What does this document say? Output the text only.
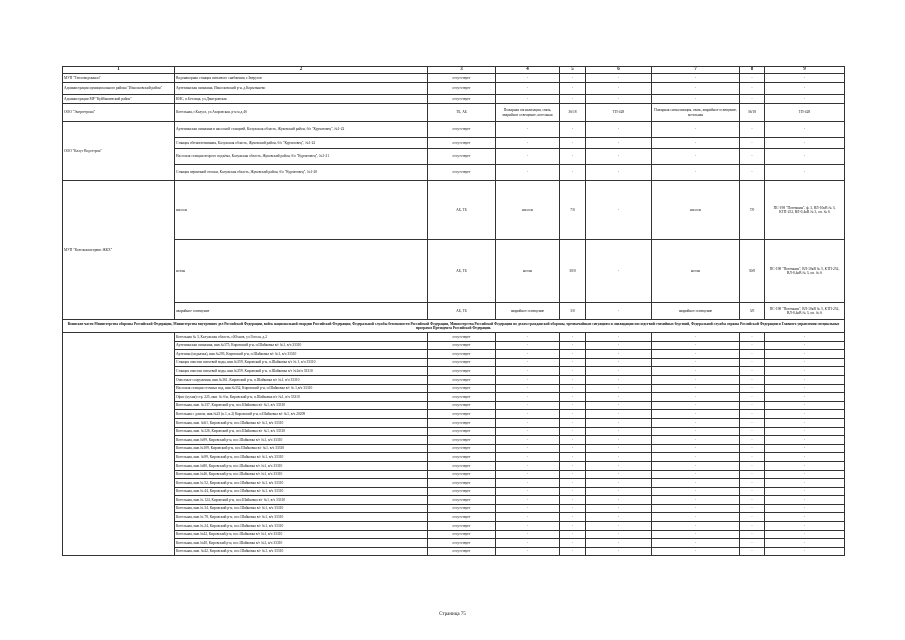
1	2	3	4	5	6	7	8	9
МУП "Тепловодоканал"	Водонапорная станция питьевого снабжения, г.Зверугов	отсутствует	-	-	-	-	-	-
Администрация муниципального района "Износковский район"	Артезианская скважина, Износковский р-н, д.Корытынево	отсутствует	-	-	-	-	-	-
Администрация МР "Куйбышевский район"	КНС, п.Бетлица, ул.Дмитровская	отсутствует	-	-	-	-	-	-
ООО "Энергетрона"	Котельная, г.Калуга, ул.Азаровская, р-н м.д.4б	ТБ, АБ	Пожарная сигнализация, связь, аварийное освещение, котельная	36/18	ТП-428	Пожарная сигнализация, связь, аварийное освещение, котельная	36/18	ТП-428
ООО "Калуг Водсетрон"	Артезианская скважина в насосной станцией, Калужская область, Жуковский район, б/о "Курчатовец", №1-22	отсутствует	-	-	-	-	-	-
	Станция обезжелезивания, Калужская область, Жуковский район, б/о "Курчатовец", №1-22	отсутствует	-	-	-	-	-	-
	Насосная станция второго подъёма, Калужская область, Жуковский район, б/о "Курчатовец", №1-21	отсутствует	-	-	-	-	-	-
	Станция первичной отопки, Калужская область, Жуковский район, б/о "Курчатовец", №1-20	отсутствует	-	-	-	-	-	-
МУП "Козельжилсервис ЖКХ"	насосы	АБ, ТБ	насосы	7/0	-	насосы	7/0	ПС-198 "Потемкин", ф. 3, ВЛ-10кВ № 3, КТП-252, ВЛ-0,4кВ № 3, оп. № 6
	котлы	АБ, ТБ	котлы	30/0	-	котлы	30/0	ПС-198 "Потемкин", ВЛ-10кВ № 5, КТП-252, ВЛ-0,4кВ № 3, оп. № 6
	аварийное освещение	АБ, ТБ	аварийное освещение	3/0	-	аварийное освещение	3/0	ПС-198 "Потемкин", ВЛ-10кВ № 5, КТП-252, ВЛ-0,4кВ № 3, оп. № 6
Воинские части Министерства обороны Российской Федерации, Министерства внутренних дел Российской Федерации, войск национальной гвардии Российской Федерации, Федеральной службы безопасности Российской Федерации, Министерства Российской Федерации по делам гражданской обороны, чрезвычайным ситуациям и ликвидации последствий стихийных бедствий, Федеральной службы охраны Российской Федерации и Главного управления специальных программ Президента Российской Федерации.								
	Котельная № 3, Калужская область, г.Юхнов, ул.Гоголя, д.2	отсутствует	-	-	-	-	-	-
	Артезианская скважина, инв.№375, Кировский р-н, п.Шайковка в/г №1, в/ч 33310	отсутствует	-	-	-	-	-	-
	Артезиан (подкачка), инв.№293, Кировский р-н, п.Шайковка в/г №1, в/ч 33310	отсутствует	-	-	-	-	-	-
	Станция очистки питьевой воды, инв.№359, Кировский р-н, п.Шайковка в/г № 1, в/ч 33310	отсутствует	-	-	-	-	-	-
	Станция очистки питьевой воды, инв.№359, Кировский р-н, п.Шайковка в/г №1в/ч 33310	отсутствует	-	-	-	-	-	-
	Очистные сооружения, инв.№361, Кировский р-н, п.Шайковка в/г №1, в/ч 33310	отсутствует	-	-	-	-	-	-
	Насосная станция сточных вод, инв.№332, Кировский р-н, п.Шайковка в/г № 1,в/ч 33310	отсутствует	-	-	-	-	-	-
	Офис (кухня) стр. 225, инв. № б/н, Кировский р-н, п.Шайковка в/г №1, в/ч 33310	отсутствует	-	-	-	-	-	-
	Котельная, инв. №137, Кировский р-н, пос.Шайковка в/г №1, в/ч 33310	отсутствует	-	-	-	-	-	-
	Котельная с домом, инв.№23 (к.1, к.2) Кировский р-н, п.Шайковка в/г №1, в/ч 20209	отсутствует	-	-	-	-	-	-
	Котельная, инв. №61, Кировский р-н, пос.Шайковка в/г №1, в/ч 33310	отсутствует	-	-	-	-	-	-
	Котельная, инв. №126, Кировский р-н, пос.Шайковка в/г №1, в/ч 33310	отсутствует	-	-	-	-	-	-
	Котельная, инв.№99, Кировский р-н, пос.Шайковка в/г №1, в/ч 33310	отсутствует	-	-	-	-	-	-
	Котельная, инв.№109, Кировский р-н, пос.Шайковка в/г №1, в/ч 33310	отсутствует	-	-	-	-	-	-
	Котельная, инв. №99, Кировский р-н, пос.Шайковка в/г №1, в/ч 33310	отсутствует	-	-	-	-	-	-
	Котельная, инв.№80, Кировский р-н, пос.Шайковка в/г №1, в/ч 33310	отсутствует	-	-	-	-	-	-
	Котельная, инв.№46, Кировский р-н, пос.Шайковка в/г №1, в/ч 33310	отсутствует	-	-	-	-	-	-
	Котельная, инв.№ 52, Кировский р-н, пос.Шайковка в/г №1, в/ч 33310	отсутствует	-	-	-	-	-	-
	Котельная, инв.№ 44, Кировский р-н, пос.Шайковка в/г №1, в/ч 33310	отсутствует	-	-	-	-	-	-
	Котельная, инв.№ 124, Кировский р-н, пос.Шайковка в/г №1, в/ч 33310	отсутствует	-	-	-	-	-	-
	Котельная, инв.№ 34, Кировский р-н, пос.Шайковка в/г №1, в/ч 33310	отсутствует	-	-	-	-	-	-
	Котельная, инв.№ 78, Кировский р-н, пос.Шайковка в/г №1, в/ч 33310	отсутствует	-	-	-	-	-	-
	Котельная, инв.№ 24, Кировский р-н, пос.Шайковка в/г №1, в/ч 33310	отсутствует	-	-	-	-	-	-
	Котельная, инв.№42, Кировский р-н, пос.Шайковка в/г №1, в/ч 33310	отсутствует	-	-	-	-	-	-
	Котельная, инв.№40, Кировский р-н, пос.Шайковка в/г №1, в/ч 33310	отсутствует	-	-	-	-	-	-
	Котельная, инв. №42, Кировский р-н, пос.Шайковка в/г №1, в/ч 33310	отсутствует	-	-	-	-	-	-
Страница 75
